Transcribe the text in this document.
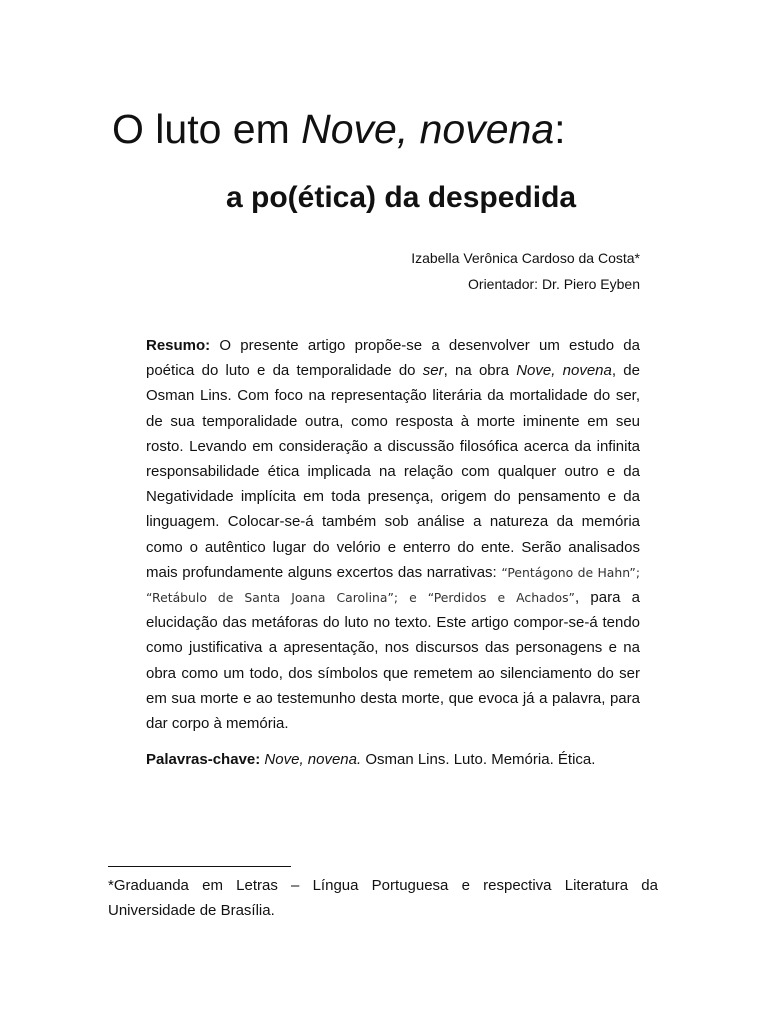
O luto em Nove, novena:
a po(ética) da despedida
Izabella Verônica Cardoso da Costa*
Orientador: Dr. Piero Eyben

Resumo: O presente artigo propõe-se a desenvolver um estudo da poética do luto e da temporalidade do ser, na obra Nove, novena, de Osman Lins. Com foco na representação literária da mortalidade do ser, de sua temporalidade outra, como resposta à morte iminente em seu rosto. Levando em consideração a discussão filosófica acerca da infinita responsabilidade ética implicada na relação com qualquer outro e da Negatividade implícita em toda presença, origem do pensamento e da linguagem. Colocar-se-á também sob análise a natureza da memória como o autêntico lugar do velório e enterro do ente. Serão analisados mais profundamente alguns excertos das narrativas: “Pentágono de Hahn”; “Retábulo de Santa Joana Carolina”; e “Perdidos e Achados”, para a elucidação das metáforas do luto no texto. Este artigo compor-se-á tendo como justificativa a apresentação, nos discursos das personagens e na obra como um todo, dos símbolos que remetem ao silenciamento do ser em sua morte e ao testemunho desta morte, que evoca já a palavra, para dar corpo à memória.

Palavras-chave: Nove, novena. Osman Lins. Luto. Memória. Ética.

*Graduanda em Letras – Língua Portuguesa e respectiva Literatura da Universidade de Brasília.
